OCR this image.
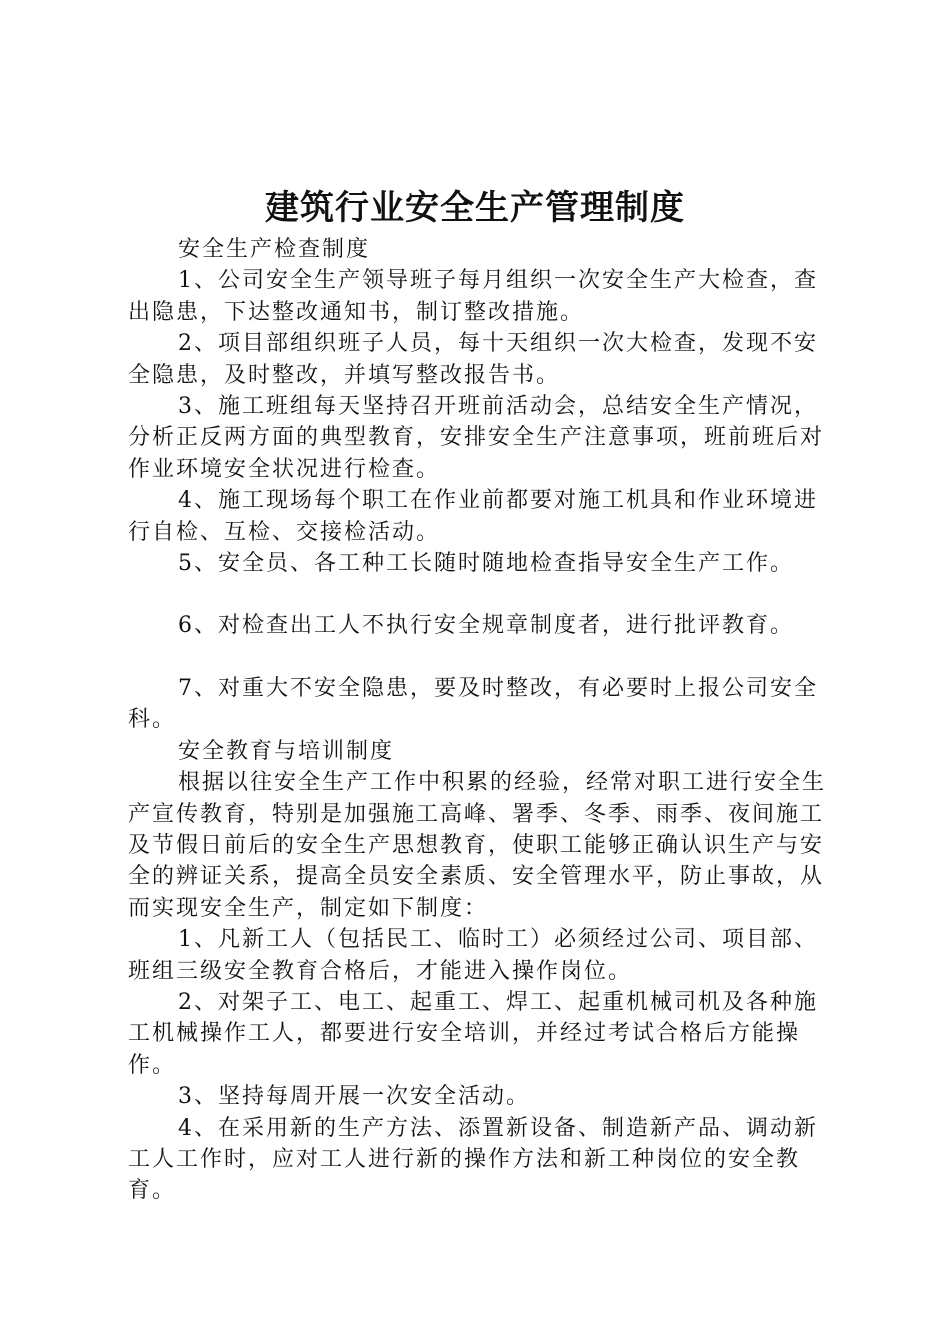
建筑行业安全生产管理制度

安全生产检查制度

1、公司安全生产领导班子每月组织一次安全生产大检查，查出隐患，下达整改通知书，制订整改措施。

2、项目部组织班子人员，每十天组织一次大检查，发现不安全隐患，及时整改，并填写整改报告书。

3、施工班组每天坚持召开班前活动会，总结安全生产情况，分析正反两方面的典型教育，安排安全生产注意事项，班前班后对作业环境安全状况进行检查。

4、施工现场每个职工在作业前都要对施工机具和作业环境进行自检、互检、交接检活动。

5、安全员、各工种工长随时随地检查指导安全生产工作。

6、对检查出工人不执行安全规章制度者，进行批评教育。

7、对重大不安全隐患，要及时整改，有必要时上报公司安全科。

安全教育与培训制度

根据以往安全生产工作中积累的经验，经常对职工进行安全生产宣传教育，特别是加强施工高峰、署季、冬季、雨季、夜间施工及节假日前后的安全生产思想教育，使职工能够正确认识生产与安全的辨证关系，提高全员安全素质、安全管理水平，防止事故，从而实现安全生产，制定如下制度：

1、凡新工人（包括民工、临时工）必须经过公司、项目部、班组三级安全教育合格后，才能进入操作岗位。

2、对架子工、电工、起重工、焊工、起重机械司机及各种施工机械操作工人，都要进行安全培训，并经过考试合格后方能操作。

3、坚持每周开展一次安全活动。

4、在采用新的生产方法、添置新设备、制造新产品、调动新工人工作时，应对工人进行新的操作方法和新工种岗位的安全教育。
